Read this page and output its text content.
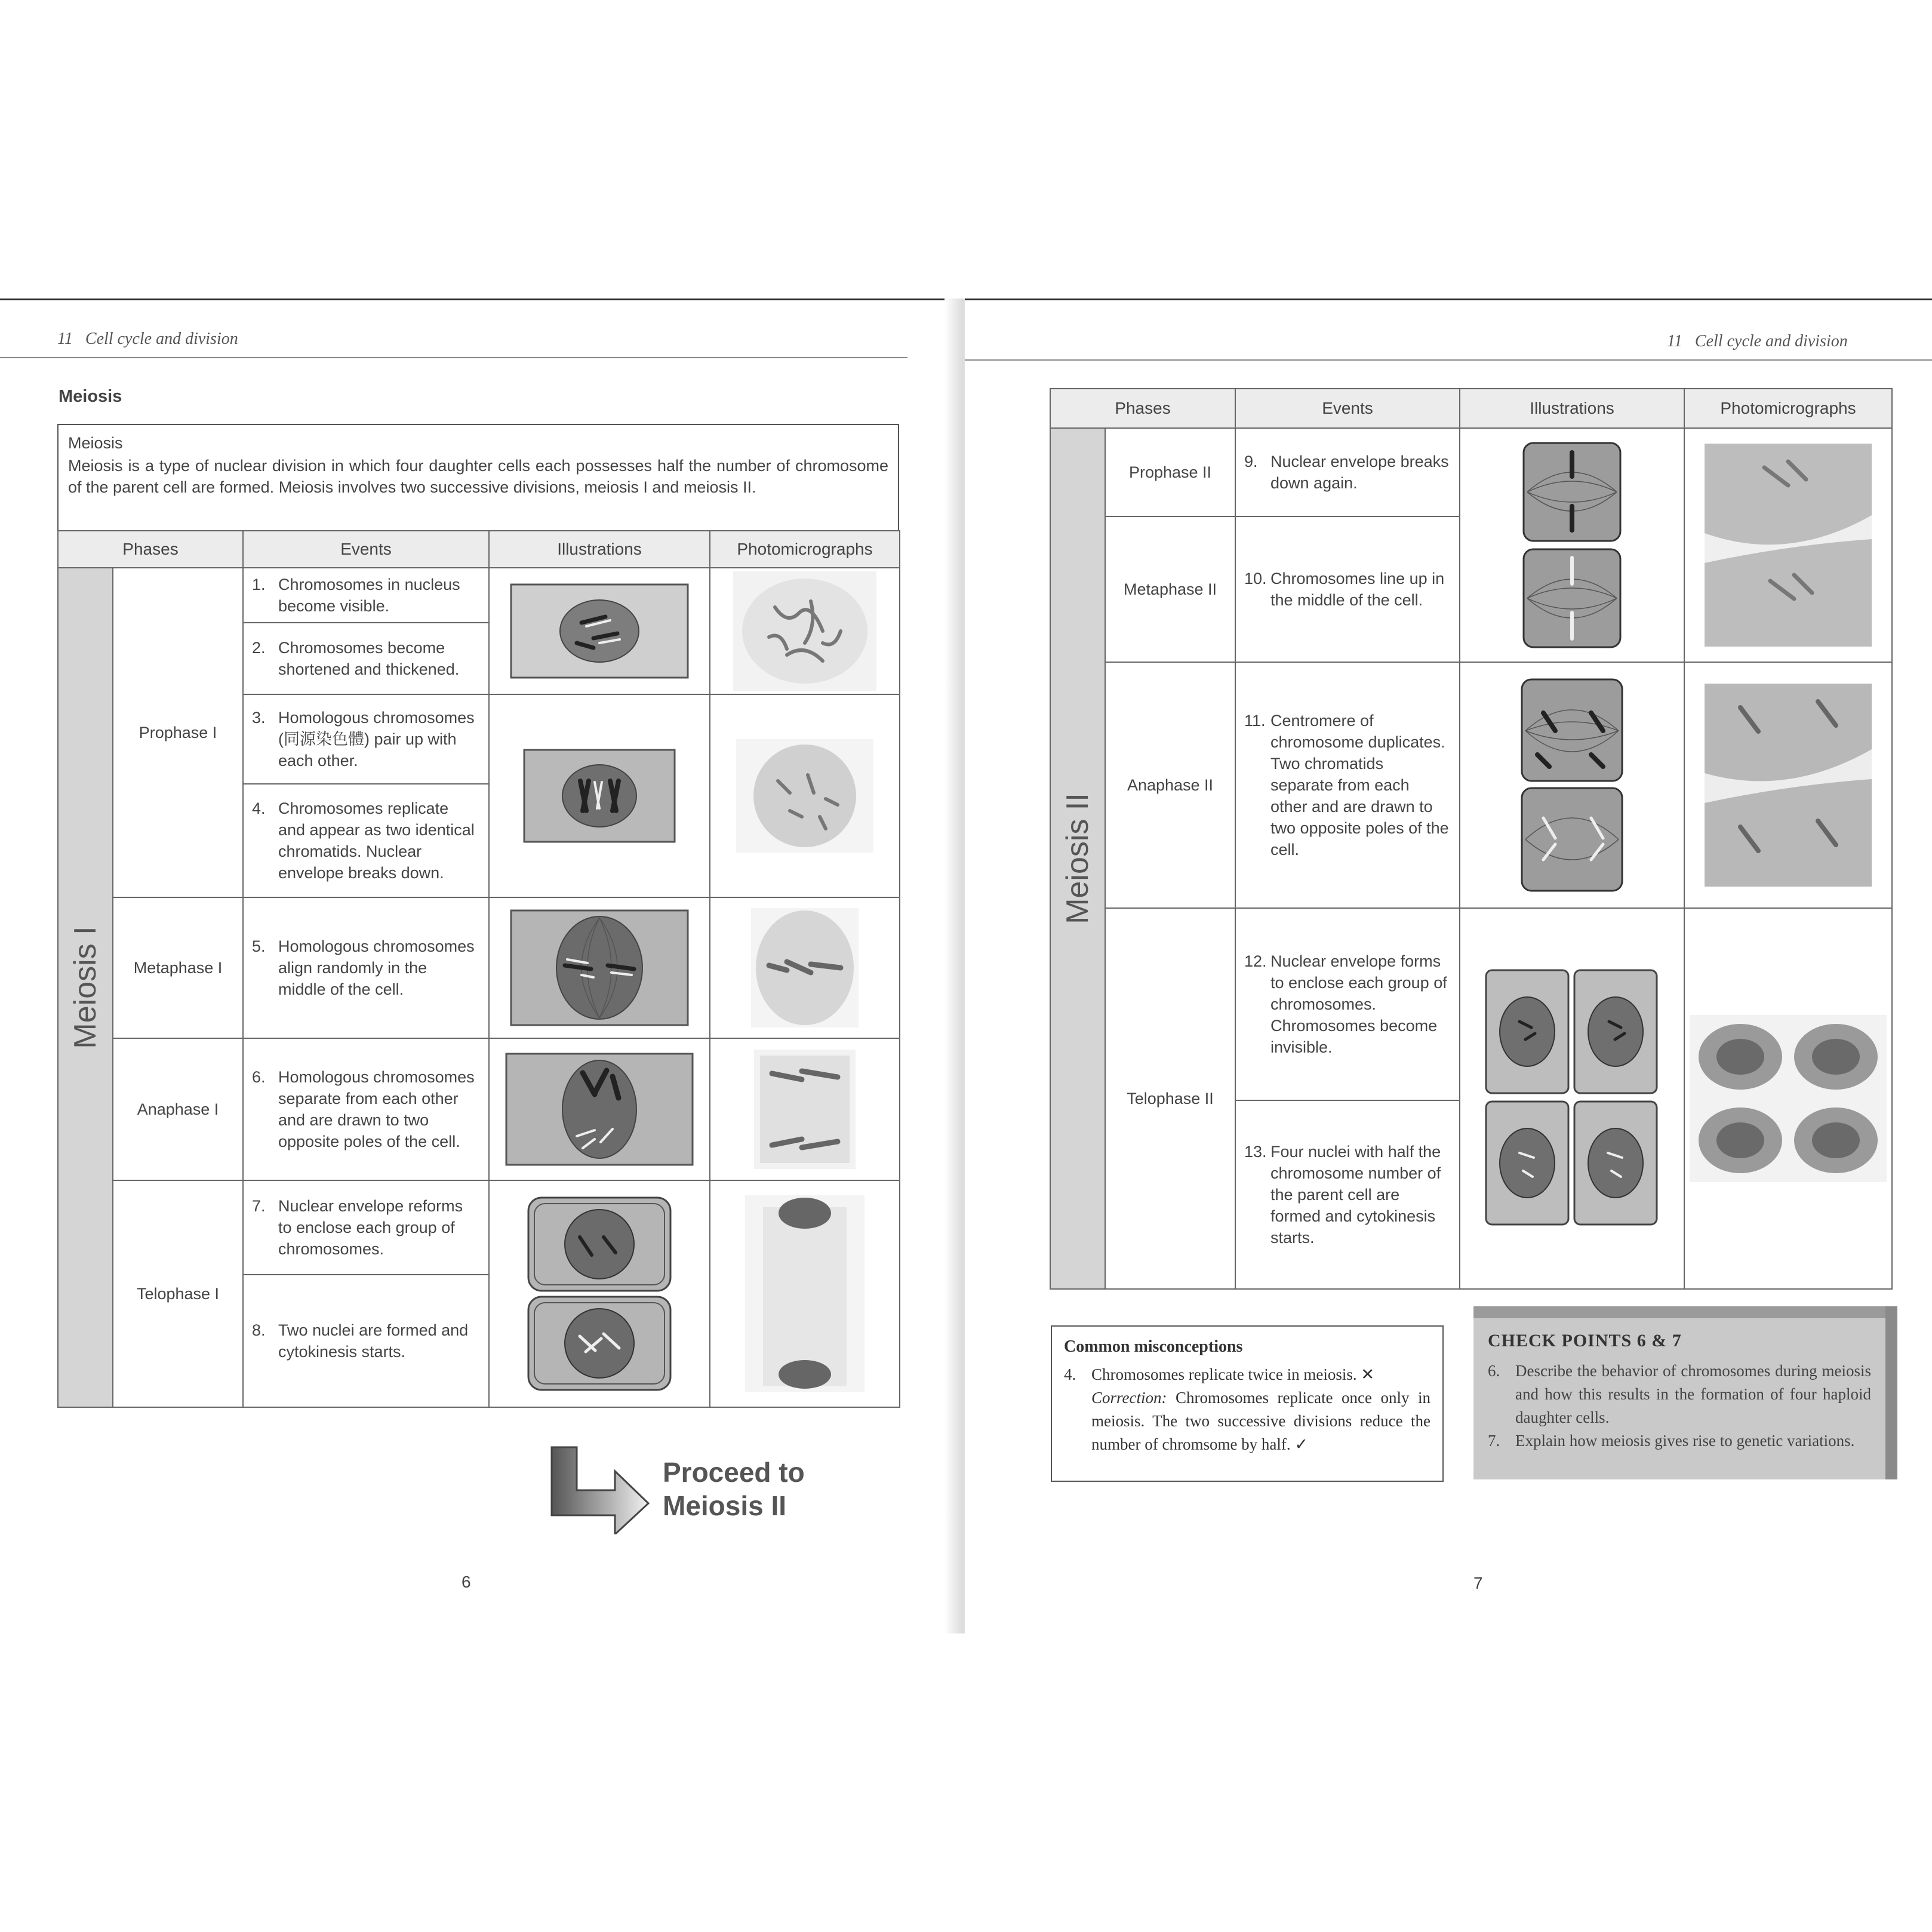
11 Cell cycle and division
Meiosis
Meiosis
Meiosis is a type of nuclear division in which four daughter cells each possesses half the number of chromosome of the parent cell are formed. Meiosis involves two successive divisions, meiosis I and meiosis II.
Phases		Events	Illustrations	Photomicrographs

Meiosis I	Prophase I	1. Chromosomes in nucleus become visible.	

		2. Chromosomes become shortened and thickened.		
		3. Homologous chromosomes (同源染色體) pair up with each other.	

		4. Chromosomes replicate and appear as two identical chromatids. Nuclear envelope breaks down.		
	Metaphase I	5. Homologous chromosomes align randomly in the middle of the cell.	

	Anaphase I	6. Homologous chromosomes separate from each other and are drawn to two opposite poles of the cell.	

	Telophase I	7. Nuclear envelope reforms to enclose each group of chromosomes.	

		8. Two nuclei are formed and cytokinesis starts.		
Proceed to
Meiosis II
6
11 Cell cycle and division
Phases		Events	Illustrations	Photomicrographs

Meiosis II	Prophase II	9. Nuclear envelope breaks down again.	

	Metaphase II	10. Chromosomes line up in the middle of the cell.		
	Anaphase II	11. Centromere of chromosome duplicates. Two chromatids separate from each other and are drawn to two opposite poles of the cell.	

	Telophase II	12. Nuclear envelope forms to enclose each group of chromosomes. Chromosomes become invisible.	

		13. Four nuclei with half the chromosome number of the parent cell are formed and cytokinesis starts.		
7
Common misconceptions
4. Chromosomes replicate twice in meiosis. ✕
Correction: Chromosomes replicate once only in meiosis. The two successive divisions reduce the number of chromsome by half. ✓
CHECK POINTS 6 & 7
6. Describe the behavior of chromosomes during meiosis and how this results in the formation of four haploid daughter cells.
7. Explain how meiosis gives rise to genetic variations.
